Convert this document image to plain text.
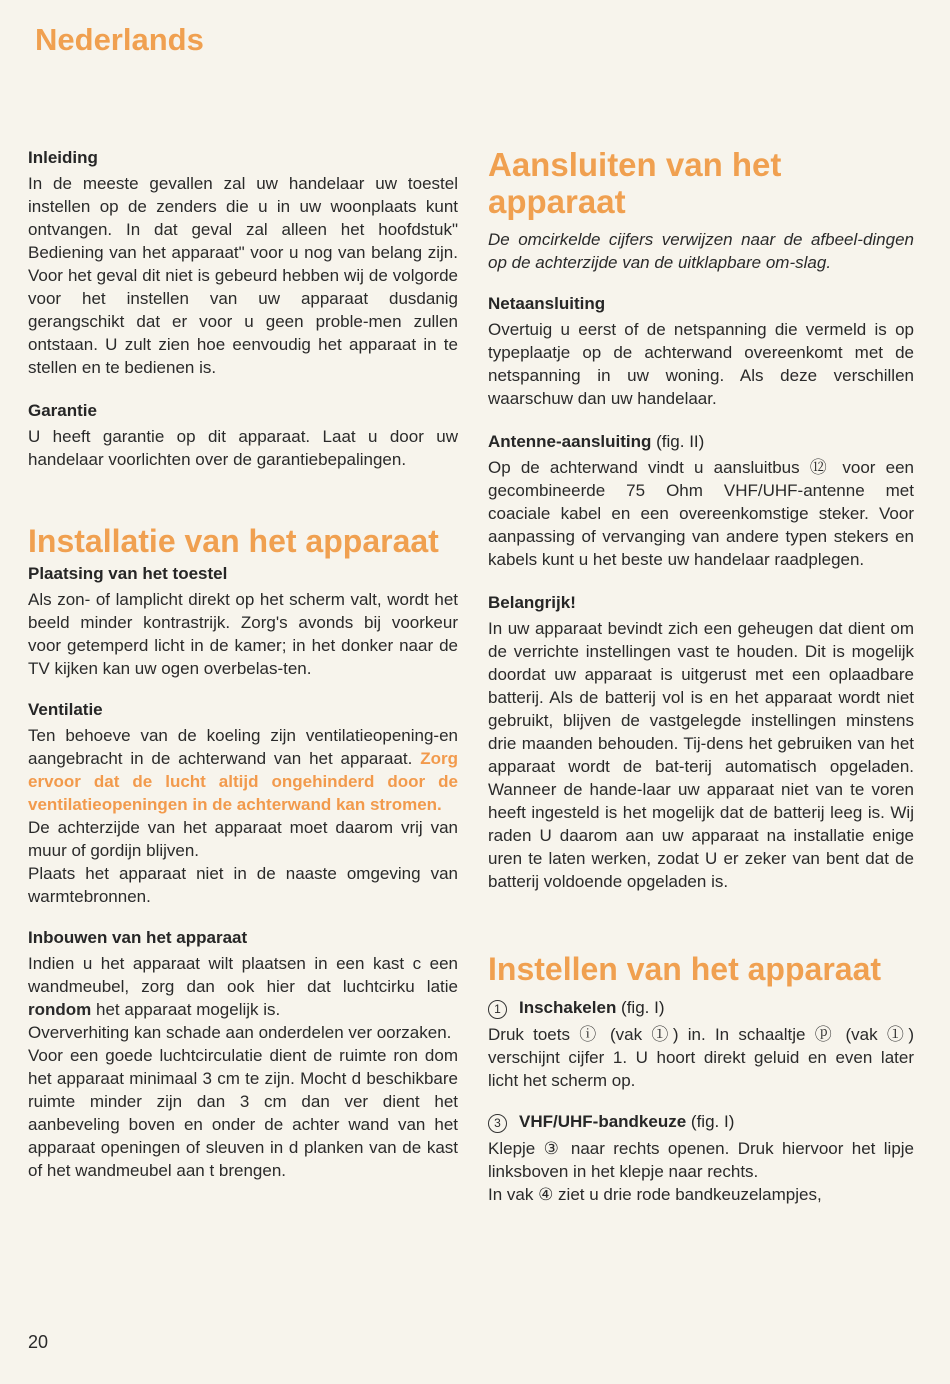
Nederlands
Inleiding

In de meeste gevallen zal uw handelaar uw toestel instellen op de zenders die u in uw woonplaats kunt ontvangen. In dat geval zal alleen het hoofdstuk" Bediening van het apparaat" voor u nog van belang zijn. Voor het geval dit niet is gebeurd hebben wij de volgorde voor het instellen van uw apparaat dusdanig gerangschikt dat er voor u geen proble-men zullen ontstaan. U zult zien hoe eenvoudig het apparaat in te stellen en te bedienen is.

Garantie

U heeft garantie op dit apparaat. Laat u door uw handelaar voorlichten over de garantiebepalingen.

Installatie van het apparaat
Plaatsing van het toestel

Als zon- of lamplicht direkt op het scherm valt, wordt het beeld minder kontrastrijk. Zorg's avonds bij voorkeur voor getemperd licht in de kamer; in het donker naar de TV kijken kan uw ogen overbelas-ten.

Ventilatie

Ten behoeve van de koeling zijn ventilatieopening-en aangebracht in de achterwand van het apparaat. Zorg ervoor dat de lucht altijd ongehinderd door de ventilatieopeningen in de achterwand kan stromen.

De achterzijde van het apparaat moet daarom vrij van muur of gordijn blijven.

Plaats het apparaat niet in de naaste omgeving van warmtebronnen.

Inbouwen van het apparaat

Indien u het apparaat wilt plaatsen in een kast c een wandmeubel, zorg dan ook hier dat luchtcirku latie rondom het apparaat mogelijk is.

Oververhiting kan schade aan onderdelen ver oorzaken.

Voor een goede luchtcirculatie dient de ruimte ron dom het apparaat minimaal 3 cm te zijn. Mocht d beschikbare ruimte minder zijn dan 3 cm dan ver dient het aanbeveling boven en onder de achter wand van het apparaat openingen of sleuven in d planken van de kast of het wandmeubel aan t brengen.

Aansluiten van het apparaat

De omcirkelde cijfers verwijzen naar de afbeel-dingen op de achterzijde van de uitklapbare om-slag.

Netaansluiting

Overtuig u eerst of de netspanning die vermeld is op typeplaatje op de achterwand overeenkomt met de netspanning in uw woning. Als deze verschillen waarschuw dan uw handelaar.

Antenne-aansluiting (fig. II)

Op de achterwand vindt u aansluitbus ⑫ voor een gecombineerde 75 Ohm VHF/UHF-antenne met coaciale kabel en een overeenkomstige steker. Voor aanpassing of vervanging van andere typen stekers en kabels kunt u het beste uw handelaar raadplegen.

Belangrijk!

In uw apparaat bevindt zich een geheugen dat dient om de verrichte instellingen vast te houden. Dit is mogelijk doordat uw apparaat is uitgerust met een oplaadbare batterij. Als de batterij vol is en het apparaat wordt niet gebruikt, blijven de vastgelegde instellingen minstens drie maanden behouden. Tij-dens het gebruiken van het apparaat wordt de bat-terij automatisch opgeladen. Wanneer de hande-laar uw apparaat niet van te voren heeft ingesteld is het mogelijk dat de batterij leeg is. Wij raden U daarom aan uw apparaat na installatie enige uren te laten werken, zodat U er zeker van bent dat de batterij voldoende opgeladen is.

Instellen van het apparaat
1	Inschakelen (fig. I)

Druk toets ⓘ (vak ①) in. In schaaltje ⓟ (vak ①) verschijnt cijfer 1. U hoort direkt geluid en even later licht het scherm op.

3	VHF/UHF-bandkeuze (fig. I)

Klepje ③ naar rechts openen. Druk hiervoor het lipje linksboven in het klepje naar rechts.

In vak ④ ziet u drie rode bandkeuzelampjes,

20
